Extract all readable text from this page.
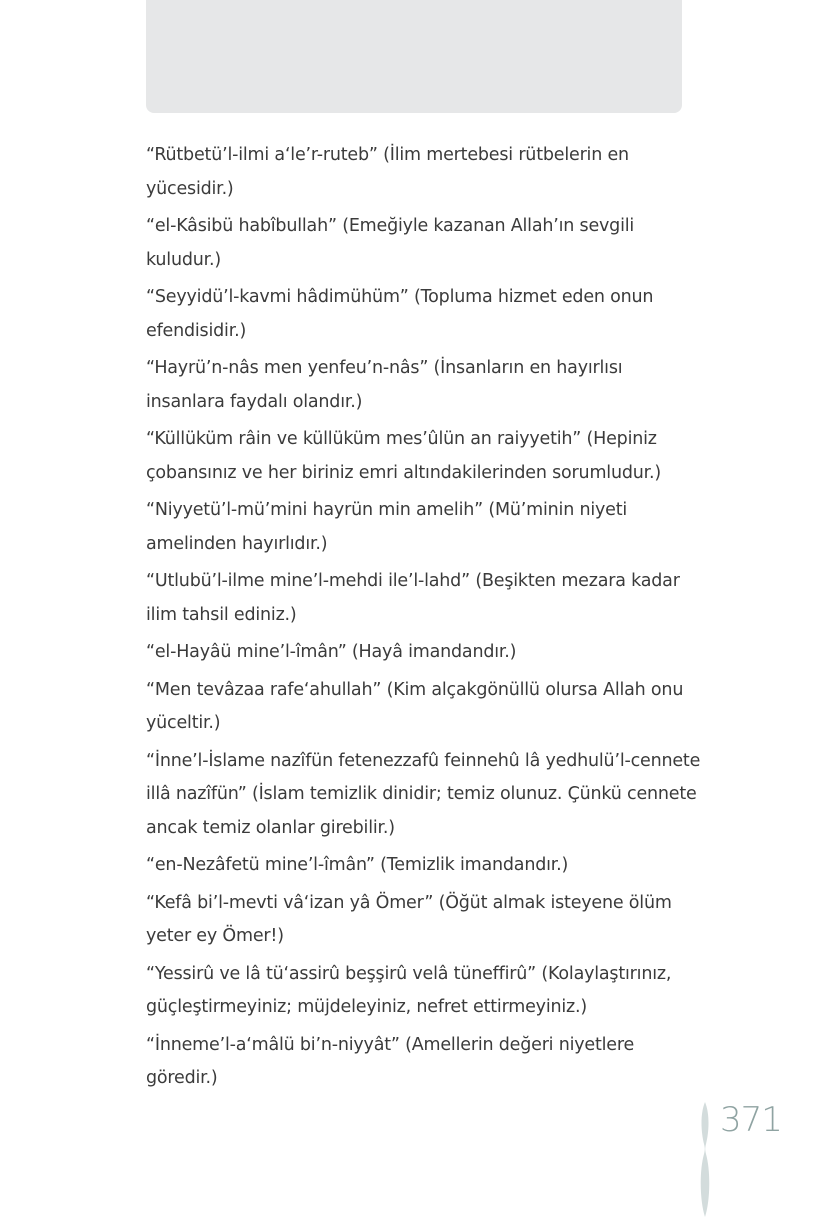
“Rütbetü’l-ilmi a‘le’r-ruteb” (İlim mertebesi rütbelerin en
yücesidir.)
“el-Kâsibü habîbullah” (Emeğiyle kazanan Allah’ın sevgili
kuludur.)
“Seyyidü’l-kavmi hâdimühüm” (Topluma hizmet eden onun
efendisidir.)
“Hayrü’n-nâs men yenfeu’n-nâs” (İnsanların en hayırlısı
insanlara faydalı olandır.)
“Küllüküm râin ve küllüküm mes’ûlün an raiyyetih” (Hepiniz
çobansınız ve her biriniz emri altındakilerinden sorumludur.)
“Niyyetü’l-mü’mini hayrün min amelih” (Mü’minin niyeti
amelinden hayırlıdır.)
“Utlubü’l-ilme mine’l-mehdi ile’l-lahd” (Beşikten mezara kadar
ilim tahsil ediniz.)
“el-Hayâü mine’l-îmân” (Hayâ imandandır.)
“Men tevâzaa rafe‘ahullah” (Kim alçakgönüllü olursa Allah onu
yüceltir.)
“İnne’l-İslame nazîfün fetenezzafû feinnehû lâ yedhulü’l-cennete
illâ nazîfün” (İslam temizlik dinidir; temiz olunuz. Çünkü cennete
ancak temiz olanlar girebilir.)
“en-Nezâfetü mine’l-îmân” (Temizlik imandandır.)
“Kefâ bi’l-mevti vâ‘izan yâ Ömer” (Öğüt almak isteyene ölüm
yeter ey Ömer!)
“Yessirû ve lâ tü‘assirû beşşirû velâ tüneffirû” (Kolaylaştırınız,
güçleştirmeyiniz; müjdeleyiniz, nefret ettirmeyiniz.)
“İnneme’l-a‘mâlü bi’n-niyyât” (Amellerin değeri niyetlere
göredir.)
371
